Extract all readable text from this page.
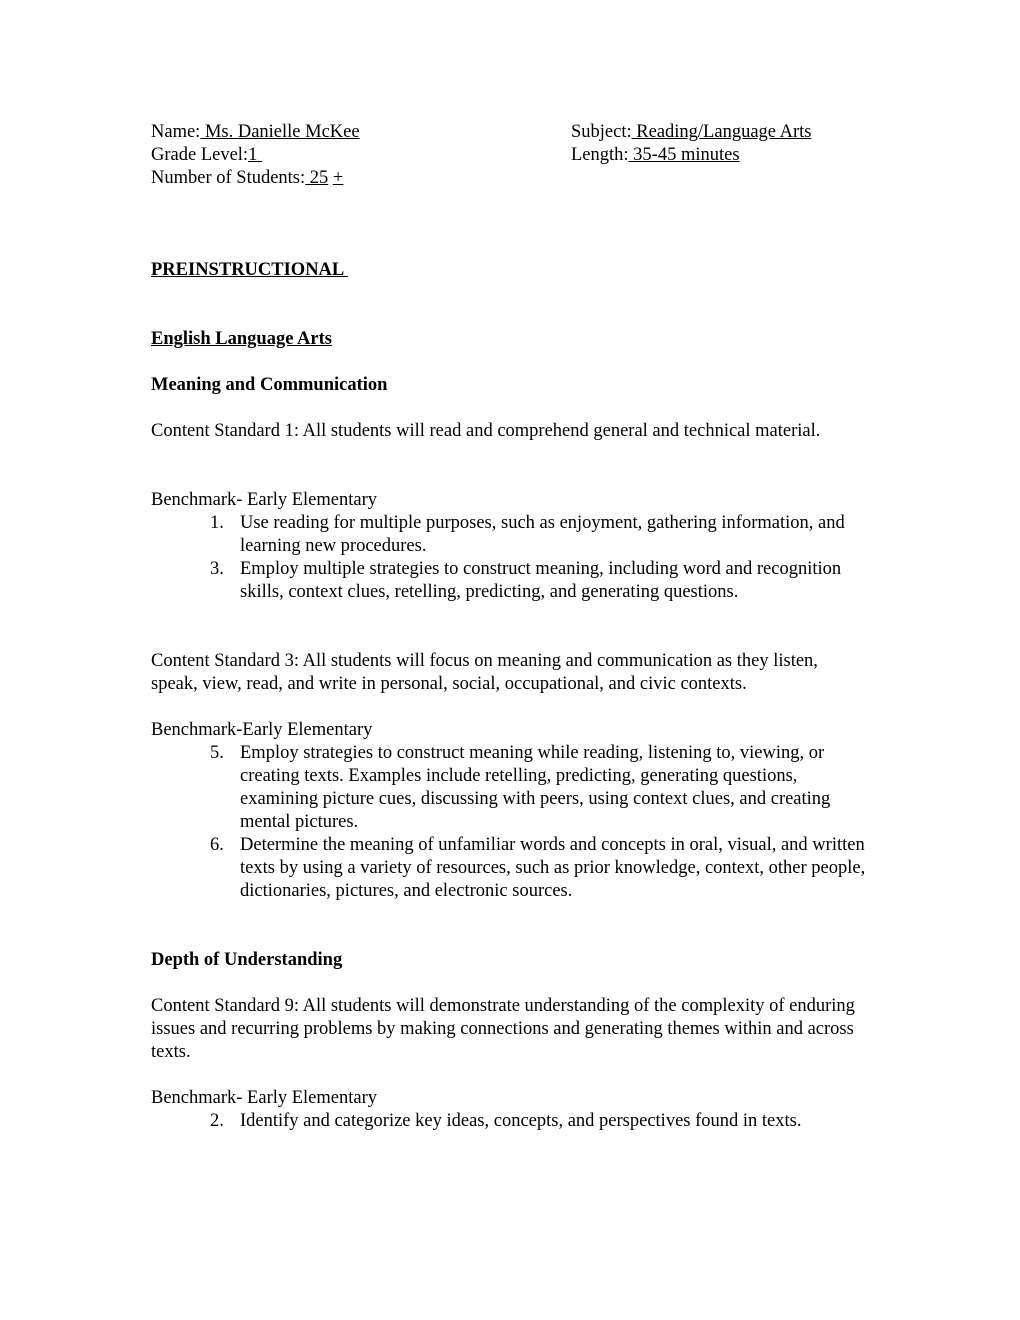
Name: Ms. Danielle McKee	Subject: Reading/Language Arts
Grade Level:1	Length: 35-45 minutes
Number of Students: 25 +
PREINSTRUCTIONAL
English Language Arts
Meaning and Communication

Content Standard 1: All students will read and comprehend general and technical material.

Benchmark- Early Elementary
1. Use reading for multiple purposes, such as enjoyment, gathering information, and learning new procedures.
3. Employ multiple strategies to construct meaning, including word and recognition skills, context clues, retelling, predicting, and generating questions.

Content Standard 3: All students will focus on meaning and communication as they listen, speak, view, read, and write in personal, social, occupational, and civic contexts.

Benchmark-Early Elementary
5. Employ strategies to construct meaning while reading, listening to, viewing, or creating texts. Examples include retelling, predicting, generating questions, examining picture cues, discussing with peers, using context clues, and creating mental pictures.
6. Determine the meaning of unfamiliar words and concepts in oral, visual, and written texts by using a variety of resources, such as prior knowledge, context, other people, dictionaries, pictures, and electronic sources.
Depth of Understanding

Content Standard 9: All students will demonstrate understanding of the complexity of enduring issues and recurring problems by making connections and generating themes within and across texts.

Benchmark- Early Elementary
2. Identify and categorize key ideas, concepts, and perspectives found in texts.
